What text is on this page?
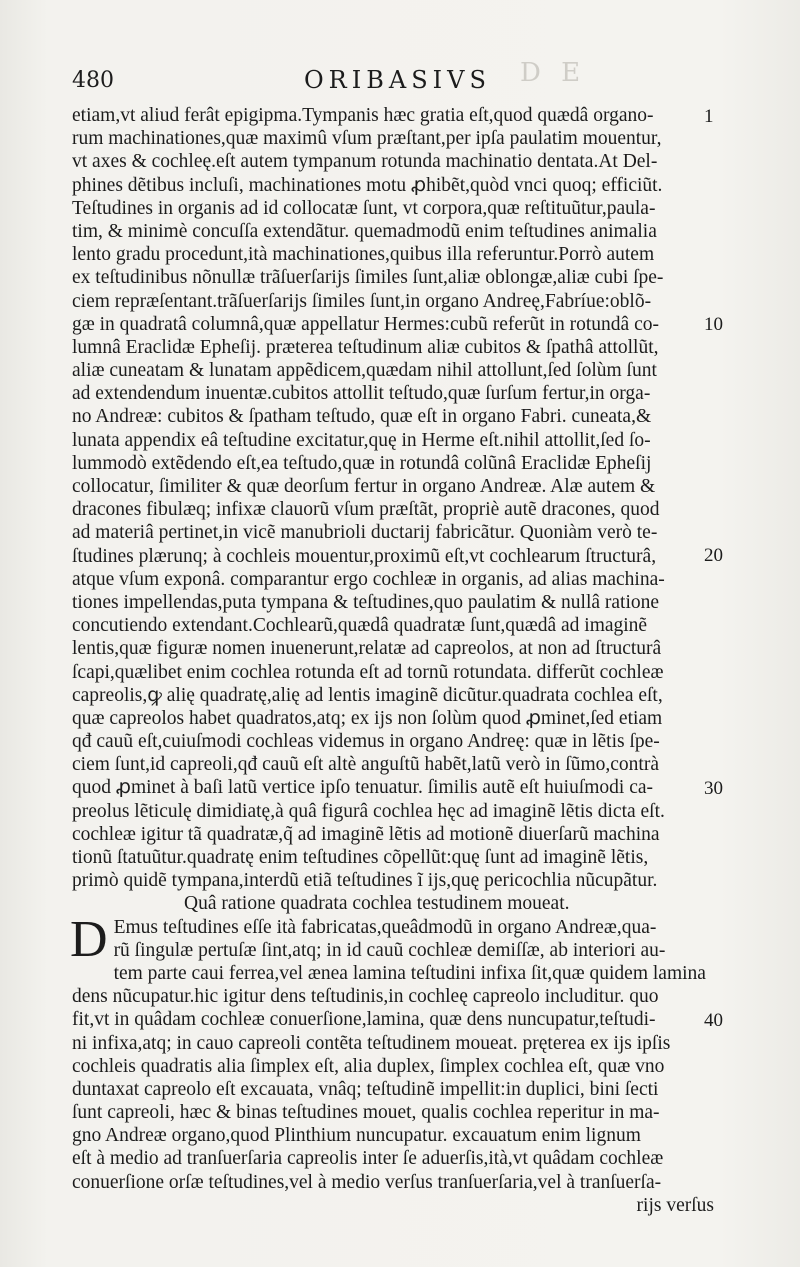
D E
480	ORIBASIVS
etiam,vt aliud ferât epigipma.Tympanis hæc gratia eſt,quod quædâ organo-
rum machinationes,quæ maximû vſum præſtant,per ipſa paulatim mouentur,
vt axes & cochleę.eſt autem tympanum rotunda machinatio dentata.At Del-
phines dẽtibus incluſi, machinationes motu ꝓhibẽt,quòd vnci quoq; efficiũt.
Teſtudines in organis ad id collocatæ ſunt, vt corpora,quæ reſtituũtur,paula-
tim, & minimè concuſſa extendãtur. quemadmodũ enim teſtudines animalia
lento gradu procedunt,ità machinationes,quibus illa referuntur.Porrò autem
ex teſtudinibus nõnullæ trãſuerſarijs ſimiles ſunt,aliæ oblongæ,aliæ cubi ſpe-
ciem repræſentant.trãſuerſarijs ſimiles ſunt,in organo Andreę,Fabríue:oblõ-
gæ in quadratâ columnâ,quæ appellatur Hermes:cubũ referũt in rotundâ co-
lumnâ Eraclidæ Epheſij. præterea teſtudinum aliæ cubitos & ſpathâ attollũt,
aliæ cuneatam & lunatam appẽdicem,quædam nihil attollunt,ſed ſolùm ſunt
ad extendendum inuentæ.cubitos attollit teſtudo,quæ ſurſum fertur,in orga-
no Andreæ: cubitos & ſpatham teſtudo, quæ eſt in organo Fabri. cuneata,&
lunata appendix eâ teſtudine excitatur,quę in Herme eſt.nihil attollit,ſed ſo-
lummodò extẽdendo eſt,ea teſtudo,quæ in rotundâ colũnâ Eraclidæ Epheſij
collocatur, ſimiliter & quæ deorſum fertur in organo Andreæ. Alæ autem &
dracones fibulæq; infixæ clauorũ vſum præſtãt, propriè autẽ dracones, quod
ad materiâ pertinet,in vicẽ manubrioli ductarij fabricãtur. Quoniàm verò te-
ſtudines plærunq; à cochleis mouentur,proximũ eſt,vt cochlearum ſtructurâ,
atque vſum exponâ. comparantur ergo cochleæ in organis, ad alias machina-
tiones impellendas,puta tympana & teſtudines,quo paulatim & nullâ ratione
concutiendo extendant.Cochlearũ,quædâ quadratæ ſunt,quædâ ad imaginẽ
lentis,quæ figuræ nomen inuenerunt,relatæ ad capreolos, at non ad ſtructurâ
ſcapi,quælibet enim cochlea rotunda eſt ad tornũ rotundata. differũt cochleæ
capreolis,ꝙ alię quadratę,alię ad lentis imaginẽ dicũtur.quadrata cochlea eſt,
quæ capreolos habet quadratos,atq; ex ijs non ſolùm quod ꝓminet,ſed etiam
qđ cauũ eſt,cuiuſmodi cochleas videmus in organo Andreę: quæ in lẽtis ſpe-
ciem ſunt,id capreoli,qđ cauũ eſt altè anguſtũ habẽt,latũ verò in ſũmo,contrà
quod ꝓminet à baſi latũ vertice ipſo tenuatur. ſimilis autẽ eſt huiuſmodi ca-
preolus lẽticulę dimidiatę,à quâ figurâ cochlea hęc ad imaginẽ lẽtis dicta eſt.
cochleæ igitur tã quadratæ,q̃ ad imaginẽ lẽtis ad motionẽ diuerſarũ machina
tionũ ſtatuũtur.quadratę enim teſtudines cõpellũt:quę ſunt ad imaginẽ lẽtis,
primò quidẽ tympana,interdũ etiã teſtudines ĩ ijs,quę pericochlia nũcupãtur.
Quâ ratione quadrata cochlea testudinem moueat.
D Emus teſtudines eſſe ità fabricatas,queâdmodũ in organo Andreæ,qua-
rũ ſingulæ pertuſæ ſint,atq; in id cauũ cochleæ demiſſæ, ab interiori au-
tem parte caui ferrea,vel ænea lamina teſtudini infixa ſit,quæ quidem lamina
dens nũcupatur.hic igitur dens teſtudinis,in cochleę capreolo includitur. quo
fit,vt in quâdam cochleæ conuerſione,lamina, quæ dens nuncupatur,teſtudi-
ni infixa,atq; in cauo capreoli contẽta teſtudinem moueat. pręterea ex ijs ipſis
cochleis quadratis alia ſimplex eſt, alia duplex, ſimplex cochlea eſt, quæ vno
duntaxat capreolo eſt excauata, vnâq; teſtudinẽ impellit:in duplici, bini ſecti
ſunt capreoli, hæc & binas teſtudines mouet, qualis cochlea reperitur in ma-
gno Andreæ organo,quod Plinthium nuncupatur. excauatum enim lignum
eſt à medio ad tranſuerſaria capreolis inter ſe aduerſis,ità,vt quâdam cochleæ
conuerſione orſæ teſtudines,vel à medio verſus tranſuerſaria,vel à tranſuerſa-
rijs verſus
1
10
20
30
40
